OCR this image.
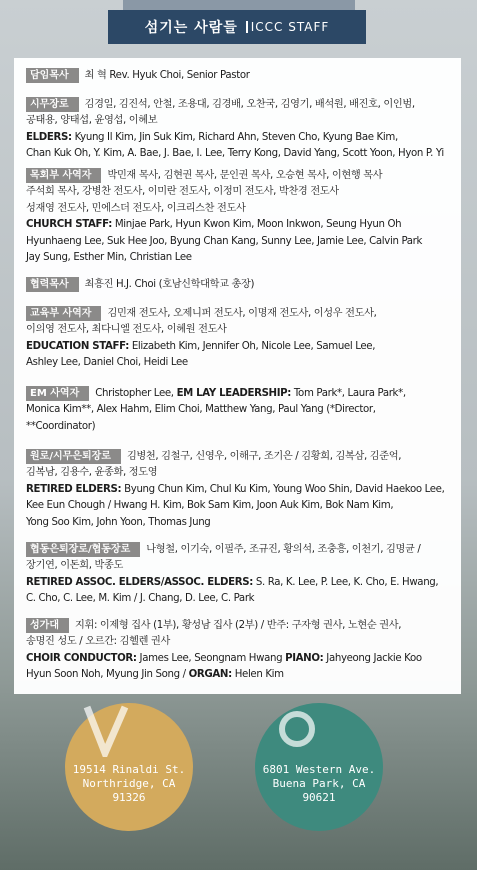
섬기는 사람들 ICCC STAFF
담임목사 최 혁 Rev. Hyuk Choi, Senior Pastor
시무장로 김경일, 김진석, 안철, 조용대, 김경배, 오찬국, 김영기, 배석원, 배진호, 이인범,
공태용, 양태섭, 윤영섭, 이혜보
ELDERS: Kyung Il Kim, Jin Suk Kim, Richard Ahn, Steven Cho, Kyung Bae Kim,
Chan Kuk Oh, Y. Kim, A. Bae, J. Bae, I. Lee, Terry Kong, David Yang, Scott Yoon, Hyon P. Yi
목회부 사역자 박민재 목사, 김현권 목사, 문인권 목사, 오승현 목사, 이현행 목사
주석희 목사, 강병찬 전도사, 이미란 전도사, 이정미 전도사, 박찬경 전도사
성재영 전도사, 민에스더 전도사, 이크리스찬 전도사
CHURCH STAFF: Minjae Park, Hyun Kwon Kim, Moon Inkwon, Seung Hyun Oh
Hyunhaeng Lee, Suk Hee Joo, Byung Chan Kang, Sunny Lee, Jamie Lee, Calvin Park
Jay Sung, Esther Min, Christian Lee
협력목사 최흥진 H.J. Choi (호남신학대학교 총장)
교육부 사역자 김민재 전도사, 오제니퍼 전도사, 이명재 전도사, 이성우 전도사,
이의영 전도사, 최다니엘 전도사, 이혜원 전도사
EDUCATION STAFF: Elizabeth Kim, Jennifer Oh, Nicole Lee, Samuel Lee,
Ashley Lee, Daniel Choi, Heidi Lee
EM 사역자 Christopher Lee, EM LAY LEADERSHIP: Tom Park*, Laura Park*,
Monica Kim**, Alex Hahm, Elim Choi, Matthew Yang, Paul Yang (*Director,
**Coordinator)
원로/시무은퇴장로 김병천, 김철구, 신영우, 이해구, 조기은 / 김황희, 김복삼, 김준억,
김복남, 김용수, 윤종화, 정도영
RETIRED ELDERS: Byung Chun Kim, Chul Ku Kim, Young Woo Shin, David Haekoo Lee,
Kee Eun Chough / Hwang H. Kim, Bok Sam Kim, Joon Auk Kim, Bok Nam Kim,
Yong Soo Kim, John Yoon, Thomas Jung
협동은퇴장로/협동장로 나형철, 이기숙, 이필주, 조규진, 황의석, 조충흥, 이천기, 김명균 /
장기연, 이돈희, 박종도
RETIRED ASSOC. ELDERS/ASSOC. ELDERS: S. Ra, K. Lee, P. Lee, K. Cho, E. Hwang,
C. Cho, C. Lee, M. Kim / J. Chang, D. Lee, C. Park
성가대 지휘: 이제형 집사 (1부), 황성남 집사 (2부) / 반주: 구자형 권사, 노현순 권사,
송명진 성도 / 오르간: 김헬렌 권사
CHOIR CONDUCTOR: James Lee, Seongnam Hwang PIANO: Jahyeong Jackie Koo
Hyun Soon Noh, Myung Jin Song / ORGAN: Helen Kim
19514 Rinaldi St.
Northridge, CA
91326
6801 Western Ave.
Buena Park, CA
90621
